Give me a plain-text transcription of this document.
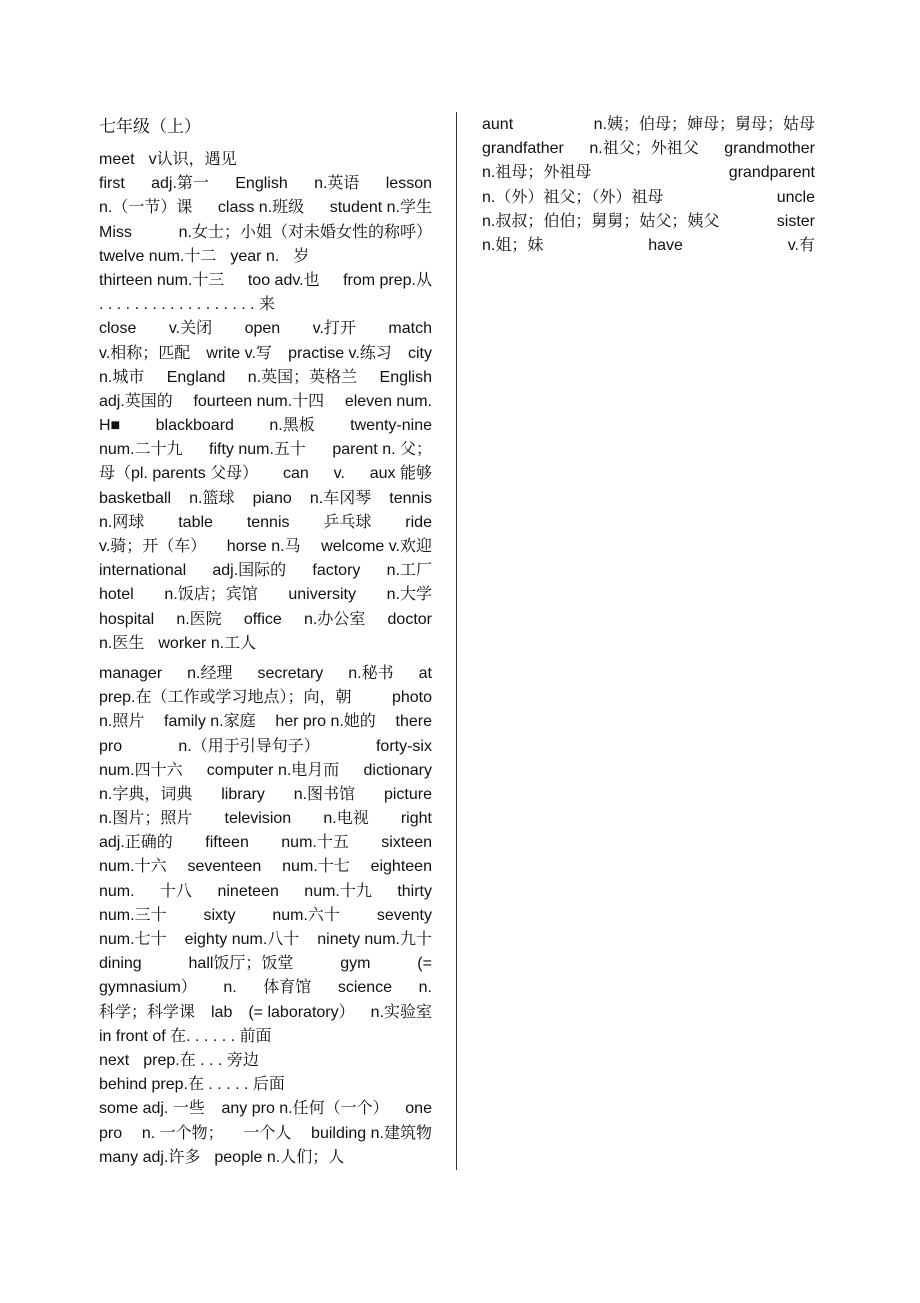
七年级（上）
meet v认识，遇见
first adj.第一 English n.英语 lesson
n.（一节）课 class n.班级 student n.学生
Miss	n.女士；小姐（对未婚女性的称呼）
twelve num.十二 year n. 岁
thirteen num.十三 too adv.也 from prep.从
. . . . . . . . . . . . . . . . . . 来
close v.关闭 open v.打开 match
v.相称；匹配 write v.写 practise v.练习 city
n.城市 England n.英国；英格兰 English
adj.英国的 fourteen num.十四 eleven num.
H■ blackboard n.黑板 twenty-nine
num.二十九 fifty num.五十 parent n. 父；
母（pl. parents 父母） can v. aux 能够
basketball n.篮球 piano n.车冈琴 tennis
n.网球 table tennis 乒乓球 ride
v.骑；开（车） horse n.马 welcome v.欢迎
international adj.国际的 factory n.工厂
hotel n.饭店；宾馆 university n.大学
hospital n.医院 office n.办公室 doctor
n.医生 worker n.工人
manager n.经理 secretary n.秘书 at
prep.在（工作或学习地点）；向，朝	photo
n.照片 family n.家庭 her pro n.她的 there
pro	n.（用于引导句子）	forty-six
num.四十六 computer n.电月而 dictionary
n.字典，词典 library n.图书馆 picture
n.图片；照片 television n.电视 right
adj.正确的 fifteen num.十五 sixteen
num.十六 seventeen num.十七 eighteen
num. 十八 nineteen num.十九 thirty
num.三十 sixty num.六十 seventy
num.七十 eighty num.八十 ninety num.九十
dining	hall饭厅；饭堂	gym	(=
gymnasium） n. 体育馆 science n.
科学；科学课 lab (= laboratory） n.实验室
in front of 在. . . . . . 前面
next prep.在 . . . 旁边
behind prep.在 . . . . . 后面
some adj. 一些 any pro n.任何（一个） one
pro n. 一个物； 一个人 building n.建筑物
many adj.许多 people n.人们；人
aunt	n.姨；伯母；婶母；舅母；姑母
grandfather n.祖父；外祖父 grandmother
n.祖母；外祖母	grandparent
n.（外）祖父；（外）祖母	uncle
n.叔叔；伯伯；舅舅；姑父；姨父	sister
n.姐；妹	have	v.有
